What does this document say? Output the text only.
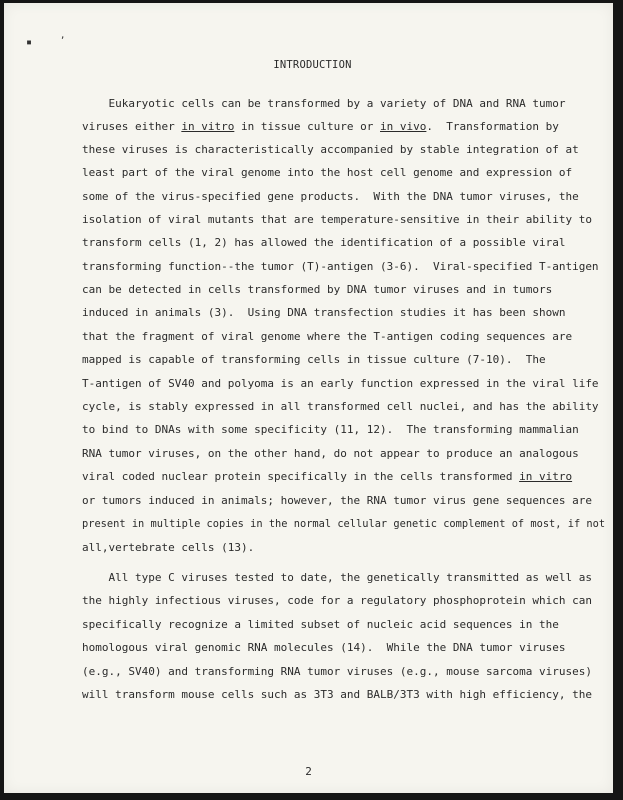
▪
,
INTRODUCTION
Eukaryotic cells can be transformed by a variety of DNA and RNA tumor
viruses either in vitro in tissue culture or in vivo.  Transformation by
these viruses is characteristically accompanied by stable integration of at
least part of the viral genome into the host cell genome and expression of
some of the virus-specified gene products.  With the DNA tumor viruses, the
isolation of viral mutants that are temperature-sensitive in their ability to
transform cells (1, 2) has allowed the identification of a possible viral
transforming function--the tumor (T)-antigen (3-6).  Viral-specified T-antigen
can be detected in cells transformed by DNA tumor viruses and in tumors
induced in animals (3).  Using DNA transfection studies it has been shown
that the fragment of viral genome where the T-antigen coding sequences are
mapped is capable of transforming cells in tissue culture (7-10).  The
T-antigen of SV40 and polyoma is an early function expressed in the viral life
cycle, is stably expressed in all transformed cell nuclei, and has the ability
to bind to DNAs with some specificity (11, 12).  The transforming mammalian
RNA tumor viruses, on the other hand, do not appear to produce an analogous
viral coded nuclear protein specifically in the cells transformed in vitro
or tumors induced in animals; however, the RNA tumor virus gene sequences are
present in multiple copies in the normal cellular genetic complement of most, if not
all,vertebrate cells (13).
All type C viruses tested to date, the genetically transmitted as well as
the highly infectious viruses, code for a regulatory phosphoprotein which can
specifically recognize a limited subset of nucleic acid sequences in the
homologous viral genomic RNA molecules (14).  While the DNA tumor viruses
(e.g., SV40) and transforming RNA tumor viruses (e.g., mouse sarcoma viruses)
will transform mouse cells such as 3T3 and BALB/3T3 with high efficiency, the
2
